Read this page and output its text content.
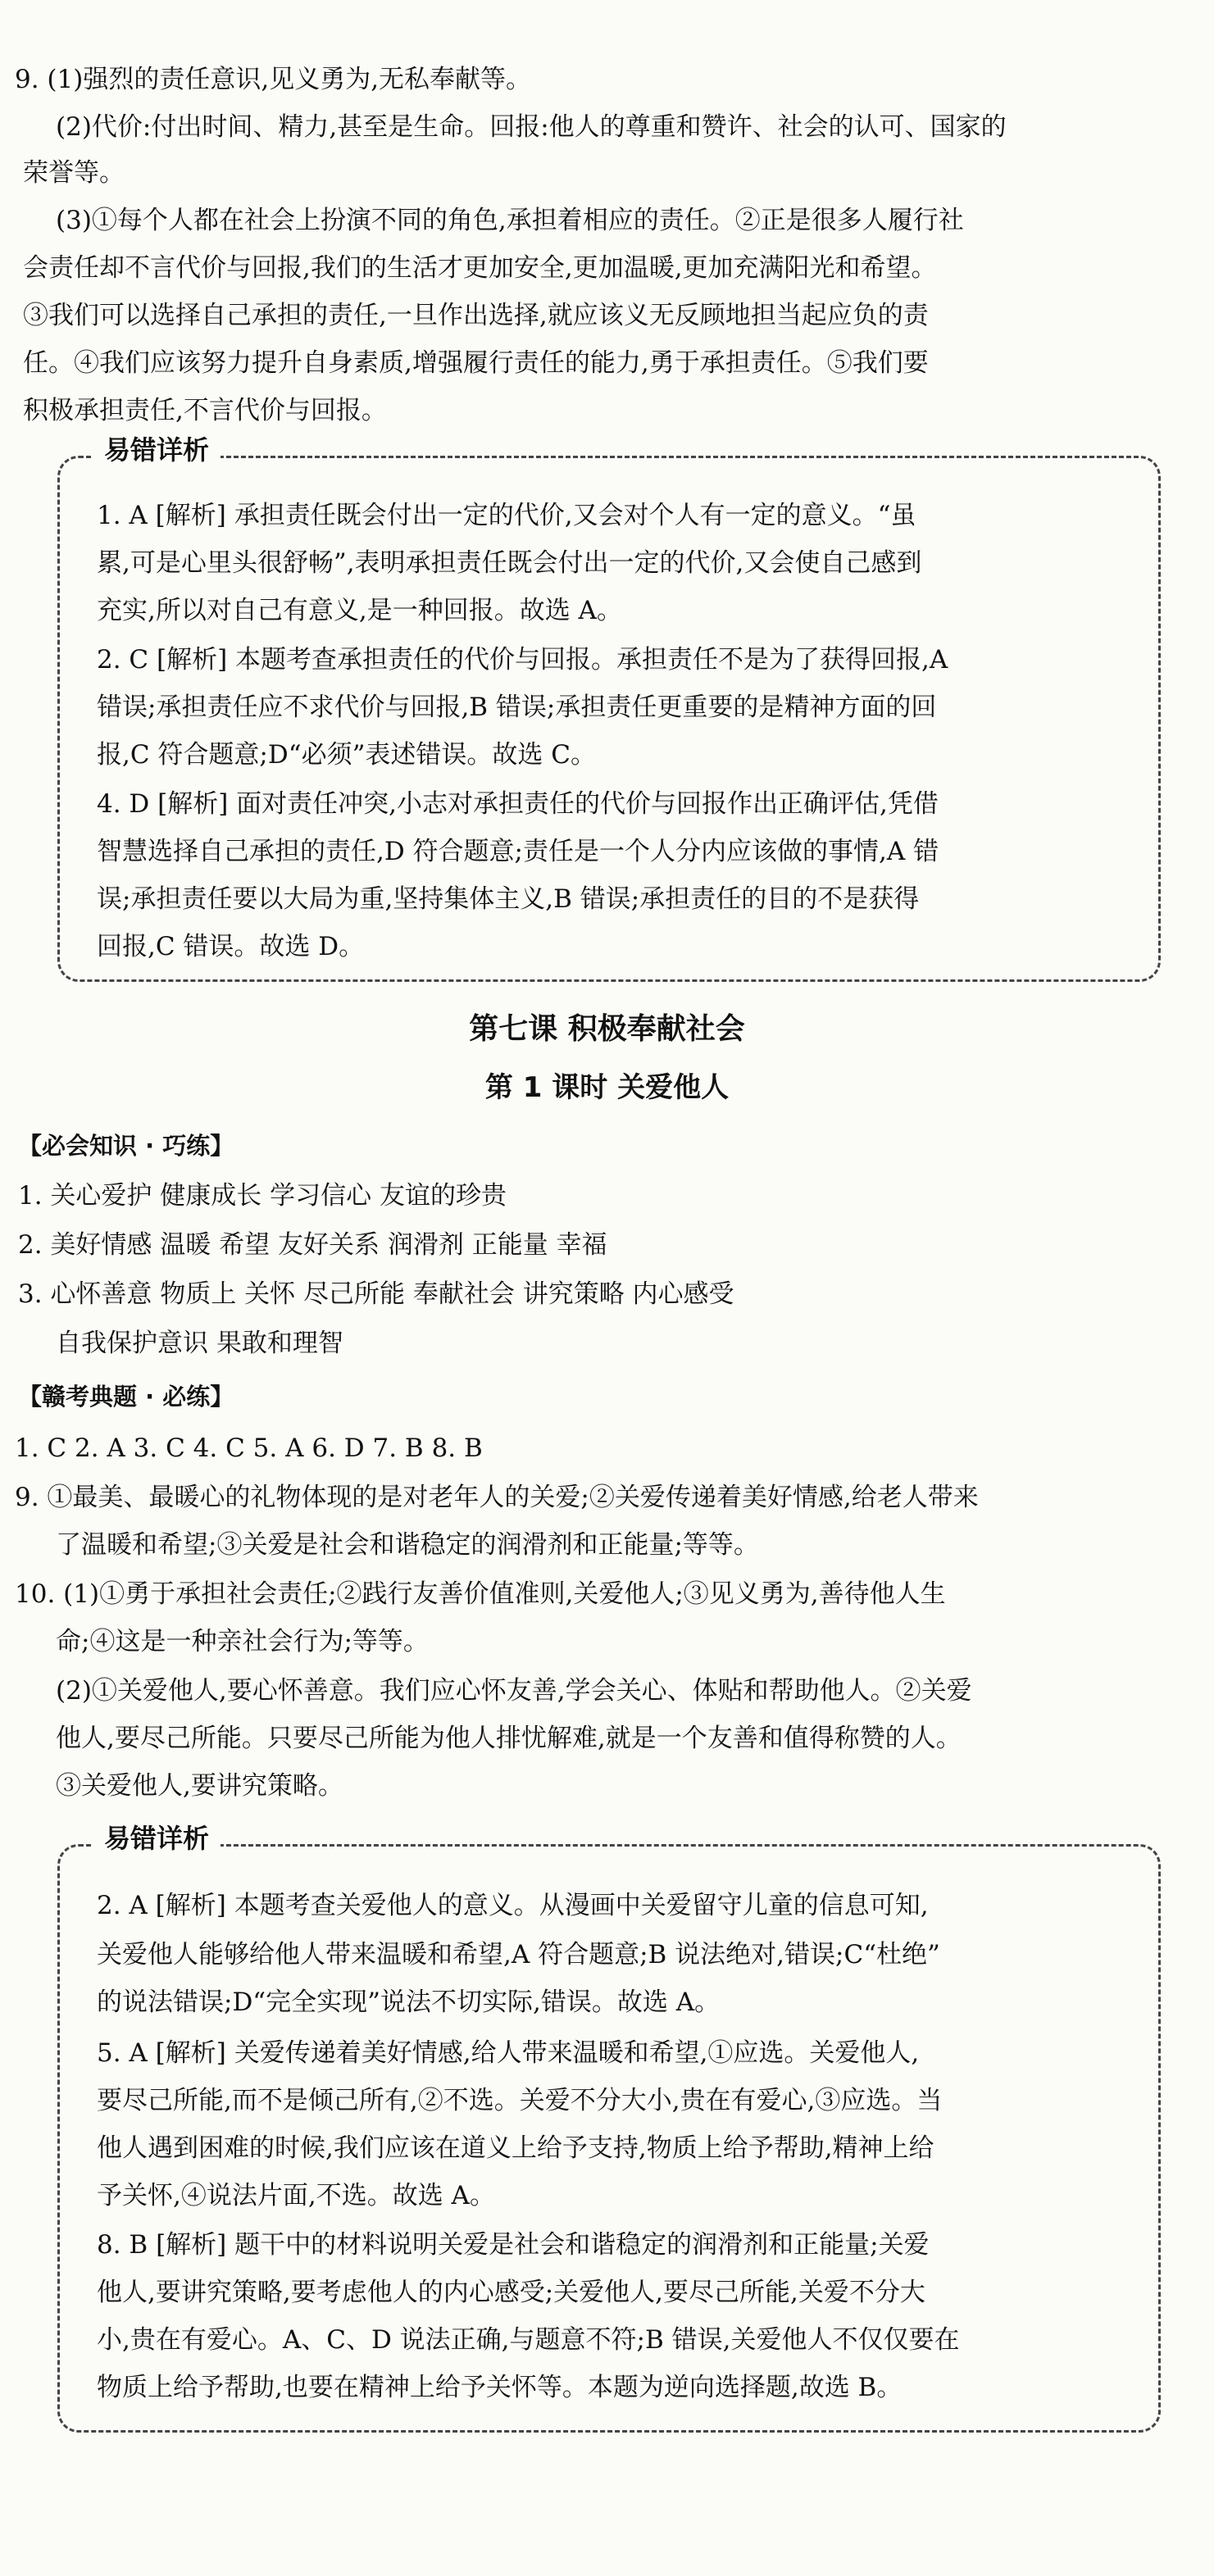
9. (1)强烈的责任意识,见义勇为,无私奉献等。
(2)代价:付出时间、精力,甚至是生命。回报:他人的尊重和赞许、社会的认可、国家的
荣誉等。
(3)①每个人都在社会上扮演不同的角色,承担着相应的责任。②正是很多人履行社
会责任却不言代价与回报,我们的生活才更加安全,更加温暖,更加充满阳光和希望。
③我们可以选择自己承担的责任,一旦作出选择,就应该义无反顾地担当起应负的责
任。④我们应该努力提升自身素质,增强履行责任的能力,勇于承担责任。⑤我们要
积极承担责任,不言代价与回报。
易错详析
1. A [解析] 承担责任既会付出一定的代价,又会对个人有一定的意义。“虽
累,可是心里头很舒畅”,表明承担责任既会付出一定的代价,又会使自己感到
充实,所以对自己有意义,是一种回报。故选 A。
2. C [解析] 本题考查承担责任的代价与回报。承担责任不是为了获得回报,A
错误;承担责任应不求代价与回报,B 错误;承担责任更重要的是精神方面的回
报,C 符合题意;D“必须”表述错误。故选 C。
4. D [解析] 面对责任冲突,小志对承担责任的代价与回报作出正确评估,凭借
智慧选择自己承担的责任,D 符合题意;责任是一个人分内应该做的事情,A 错
误;承担责任要以大局为重,坚持集体主义,B 错误;承担责任的目的不是获得
回报,C 错误。故选 D。
第七课 积极奉献社会
第 1 课时 关爱他人
【必会知识 · 巧练】
1. 关心爱护 健康成长 学习信心 友谊的珍贵
2. 美好情感 温暖 希望 友好关系 润滑剂 正能量 幸福
3. 心怀善意 物质上 关怀 尽己所能 奉献社会 讲究策略 内心感受
自我保护意识 果敢和理智
【赣考典题 · 必练】
1. C 2. A 3. C 4. C 5. A 6. D 7. B 8. B
9. ①最美、最暖心的礼物体现的是对老年人的关爱;②关爱传递着美好情感,给老人带来
了温暖和希望;③关爱是社会和谐稳定的润滑剂和正能量;等等。
10. (1)①勇于承担社会责任;②践行友善价值准则,关爱他人;③见义勇为,善待他人生
命;④这是一种亲社会行为;等等。
(2)①关爱他人,要心怀善意。我们应心怀友善,学会关心、体贴和帮助他人。②关爱
他人,要尽己所能。只要尽己所能为他人排忧解难,就是一个友善和值得称赞的人。
③关爱他人,要讲究策略。
易错详析
2. A [解析] 本题考查关爱他人的意义。从漫画中关爱留守儿童的信息可知,
关爱他人能够给他人带来温暖和希望,A 符合题意;B 说法绝对,错误;C“杜绝”
的说法错误;D“完全实现”说法不切实际,错误。故选 A。
5. A [解析] 关爱传递着美好情感,给人带来温暖和希望,①应选。关爱他人,
要尽己所能,而不是倾己所有,②不选。关爱不分大小,贵在有爱心,③应选。当
他人遇到困难的时候,我们应该在道义上给予支持,物质上给予帮助,精神上给
予关怀,④说法片面,不选。故选 A。
8. B [解析] 题干中的材料说明关爱是社会和谐稳定的润滑剂和正能量;关爱
他人,要讲究策略,要考虑他人的内心感受;关爱他人,要尽己所能,关爱不分大
小,贵在有爱心。A、C、D 说法正确,与题意不符;B 错误,关爱他人不仅仅要在
物质上给予帮助,也要在精神上给予关怀等。本题为逆向选择题,故选 B。
